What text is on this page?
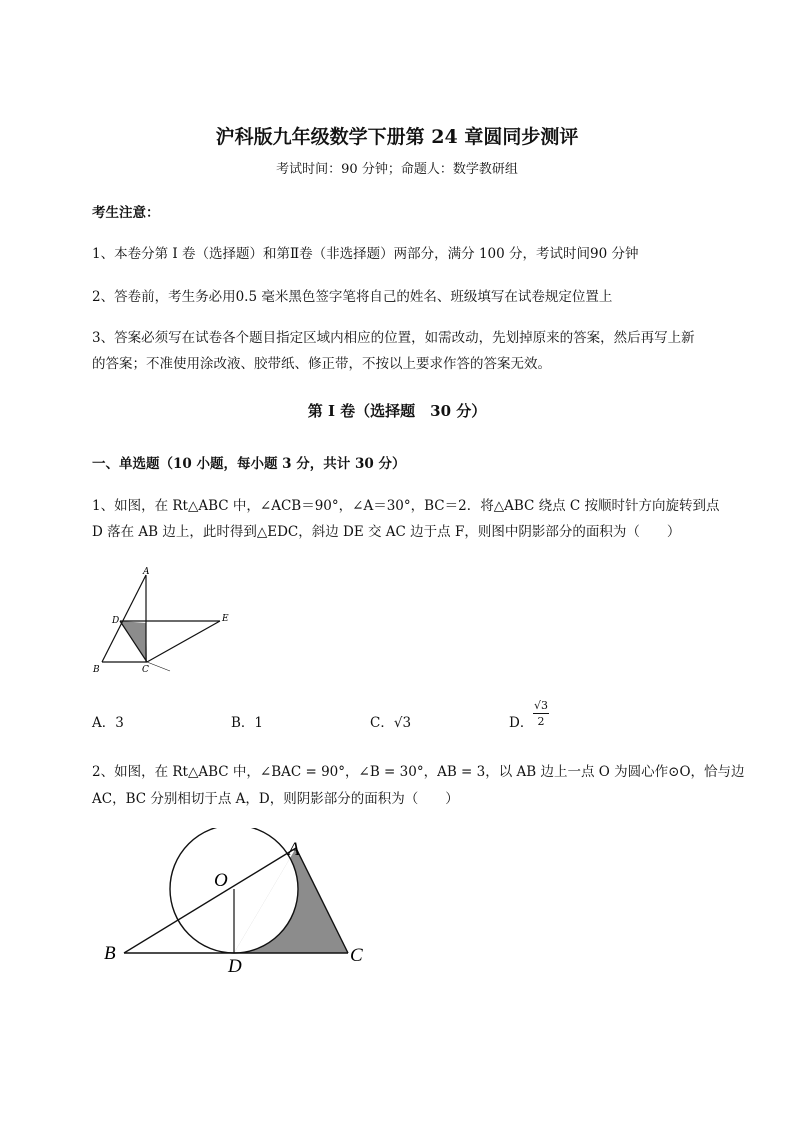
沪科版九年级数学下册第 24 章圆同步测评
考试时间：90 分钟；命题人：数学教研组
考生注意：
1、本卷分第 I 卷（选择题）和第Ⅱ卷（非选择题）两部分，满分 100 分，考试时间90 分钟
2、答卷前，考生务必用0.5 毫米黑色签字笔将自己的姓名、班级填写在试卷规定位置上
3、答案必须写在试卷各个题目指定区域内相应的位置，如需改动，先划掉原来的答案，然后再写上新
的答案；不准使用涂改液、胶带纸、修正带，不按以上要求作答的答案无效。
第 I 卷（选择题　30 分）
一、单选题（10 小题，每小题 3 分，共计 30 分）
1、如图，在 Rt△ABC 中，∠ACB＝90°，∠A＝30°，BC＝2．将△ABC 绕点 C 按顺时针方向旋转到点
D 落在 AB 边上，此时得到△EDC，斜边 DE 交 AC 边于点 F，则图中阴影部分的面积为（　　）
A
D	E
B	C
A．3	B．1	C．√3	D． $\frac{√3}{2}$
2、如图，在 Rt△ABC 中，∠BAC = 90°，∠B = 30°，AB = 3，以 AB 边上一点 O 为圆心作⊙O，恰与边
AC，BC 分别相切于点 A，D，则阴影部分的面积为（　　）
A
O
B
D
C
